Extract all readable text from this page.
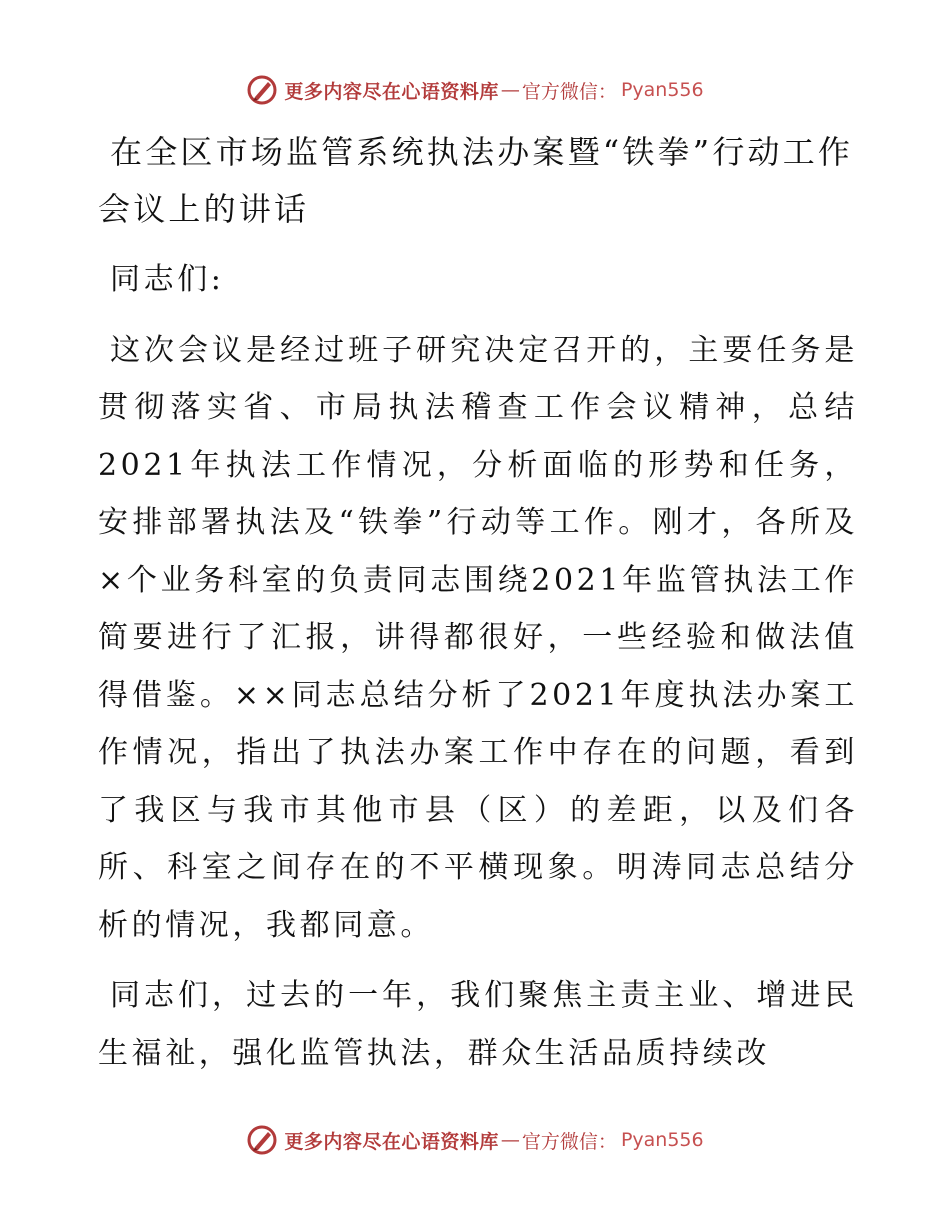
更多内容尽在心语资料库 — 官方微信： Pyan556
在全区市场监管系统执法办案暨“铁拳”行动工作会议上的讲话

同志们:

这次会议是经过班子研究决定召开的，主要任务是贯彻落实省、市局执法稽查工作会议精神，总结2021年执法工作情况，分析面临的形势和任务，安排部署执法及“铁拳”行动等工作。刚才，各所及×个业务科室的负责同志围绕2021年监管执法工作简要进行了汇报，讲得都很好，一些经验和做法值得借鉴。××同志总结分析了2021年度执法办案工作情况，指出了执法办案工作中存在的问题，看到了我区与我市其他市县（区）的差距，以及们各所、科室之间存在的不平横现象。明涛同志总结分析的情况，我都同意。

同志们，过去的一年，我们聚焦主责主业、增进民生福祉，强化监管执法，群众生活品质持续改

更多内容尽在心语资料库 — 官方微信： Pyan556
